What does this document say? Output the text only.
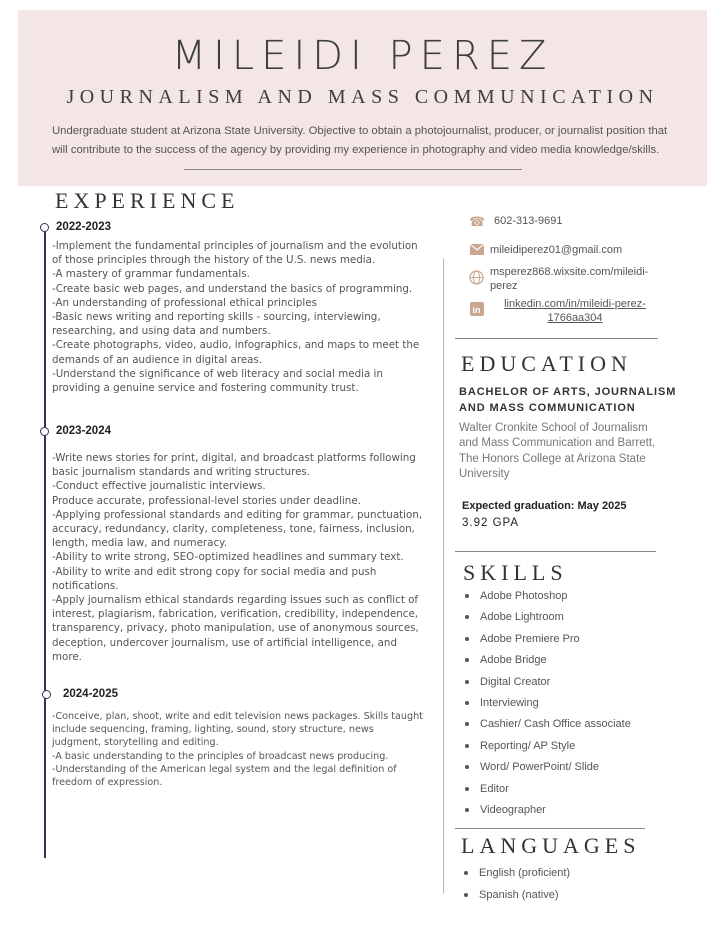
MILEIDI PEREZ
JOURNALISM AND MASS COMMUNICATION
Undergraduate student at Arizona State University. Objective to obtain a photojournalist, producer, or journalist position that will contribute to the success of the agency by providing my experience in photography and video media knowledge/skills.
EXPERIENCE
2022-2023
-Implement the fundamental principles of journalism and the evolution of those principles through the history of the U.S. news media.
-A mastery of grammar fundamentals.
-Create basic web pages, and understand the basics of programming.
-An understanding of professional ethical principles
-Basic news writing and reporting skills - sourcing, interviewing, researching, and using data and numbers.
-Create photographs, video, audio, infographics, and maps to meet the demands of an audience in digital areas.
-Understand the significance of web literacy and social media in providing a genuine service and fostering community trust.
2023-2024
-Write news stories for print, digital, and broadcast platforms following basic journalism standards and writing structures.
-Conduct effective journalistic interviews.
Produce accurate, professional-level stories under deadline.
-Applying professional standards and editing for grammar, punctuation, accuracy, redundancy, clarity, completeness, tone, fairness, inclusion, length, media law, and numeracy.
-Ability to write strong, SEO-optimized headlines and summary text.
-Ability to write and edit strong copy for social media and push notifications.
-Apply journalism ethical standards regarding issues such as conflict of interest, plagiarism, fabrication, verification, credibility, independence, transparency, privacy, photo manipulation, use of anonymous sources, deception, undercover journalism, use of artificial intelligence, and more.
2024-2025
-Conceive, plan, shoot, write and edit television news packages. Skills taught include sequencing, framing, lighting, sound, story structure, news judgment, storytelling and editing.
-A basic understanding to the principles of broadcast news producing.
-Understanding of the American legal system and the legal definition of freedom of expression.
☎ 602-313-9691
mileidiperez01@gmail.com
msperez868.wixsite.com/mileidi-perez
in	linkedin.com/in/mileidi-perez-1766aa304
EDUCATION
BACHELOR OF ARTS, JOURNALISM AND MASS COMMUNICATION
Walter Cronkite School of Journalism and Mass Communication and Barrett, The Honors College at Arizona State University
Expected graduation: May 2025
3.92 GPA
SKILLS
Adobe Photoshop
Adobe Lightroom
Adobe Premiere Pro
Adobe Bridge
Digital Creator
Interviewing
Cashier/ Cash Office associate
Reporting/ AP Style
Word/ PowerPoint/ Slide
Editor
Videographer
LANGUAGES
English (proficient)
Spanish (native)
